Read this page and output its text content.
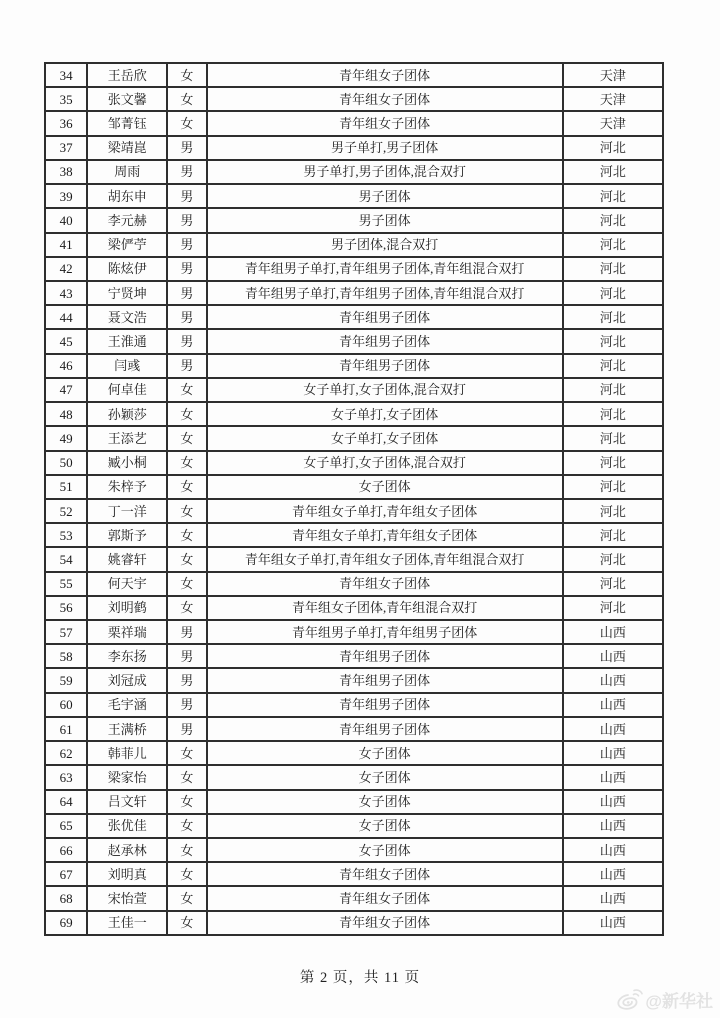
34	王岳欣	女	青年组女子团体	天津
35	张文馨	女	青年组女子团体	天津
36	邹菁钰	女	青年组女子团体	天津
37	梁靖崑	男	男子单打,男子团体	河北
38	周雨	男	男子单打,男子团体,混合双打	河北
39	胡东申	男	男子团体	河北
40	李元赫	男	男子团体	河北
41	梁俨苧	男	男子团体,混合双打	河北
42	陈炫伊	男	青年组男子单打,青年组男子团体,青年组混合双打	河北
43	宁贤坤	男	青年组男子单打,青年组男子团体,青年组混合双打	河北
44	聂文浩	男	青年组男子团体	河北
45	王淮通	男	青年组男子团体	河北
46	闫彧	男	青年组男子团体	河北
47	何卓佳	女	女子单打,女子团体,混合双打	河北
48	孙颖莎	女	女子单打,女子团体	河北
49	王添艺	女	女子单打,女子团体	河北
50	臧小桐	女	女子单打,女子团体,混合双打	河北
51	朱梓予	女	女子团体	河北
52	丁一洋	女	青年组女子单打,青年组女子团体	河北
53	郭斯予	女	青年组女子单打,青年组女子团体	河北
54	姚睿轩	女	青年组女子单打,青年组女子团体,青年组混合双打	河北
55	何天宇	女	青年组女子团体	河北
56	刘明鹤	女	青年组女子团体,青年组混合双打	河北
57	栗祥瑞	男	青年组男子单打,青年组男子团体	山西
58	李东扬	男	青年组男子团体	山西
59	刘冠成	男	青年组男子团体	山西
60	毛宇涵	男	青年组男子团体	山西
61	王满桥	男	青年组男子团体	山西
62	韩菲儿	女	女子团体	山西
63	梁家怡	女	女子团体	山西
64	吕文轩	女	女子团体	山西
65	张优佳	女	女子团体	山西
66	赵承林	女	女子团体	山西
67	刘明真	女	青年组女子团体	山西
68	宋怡萱	女	青年组女子团体	山西
69	王佳一	女	青年组女子团体	山西
第 2 页，共 11 页
@新华社
